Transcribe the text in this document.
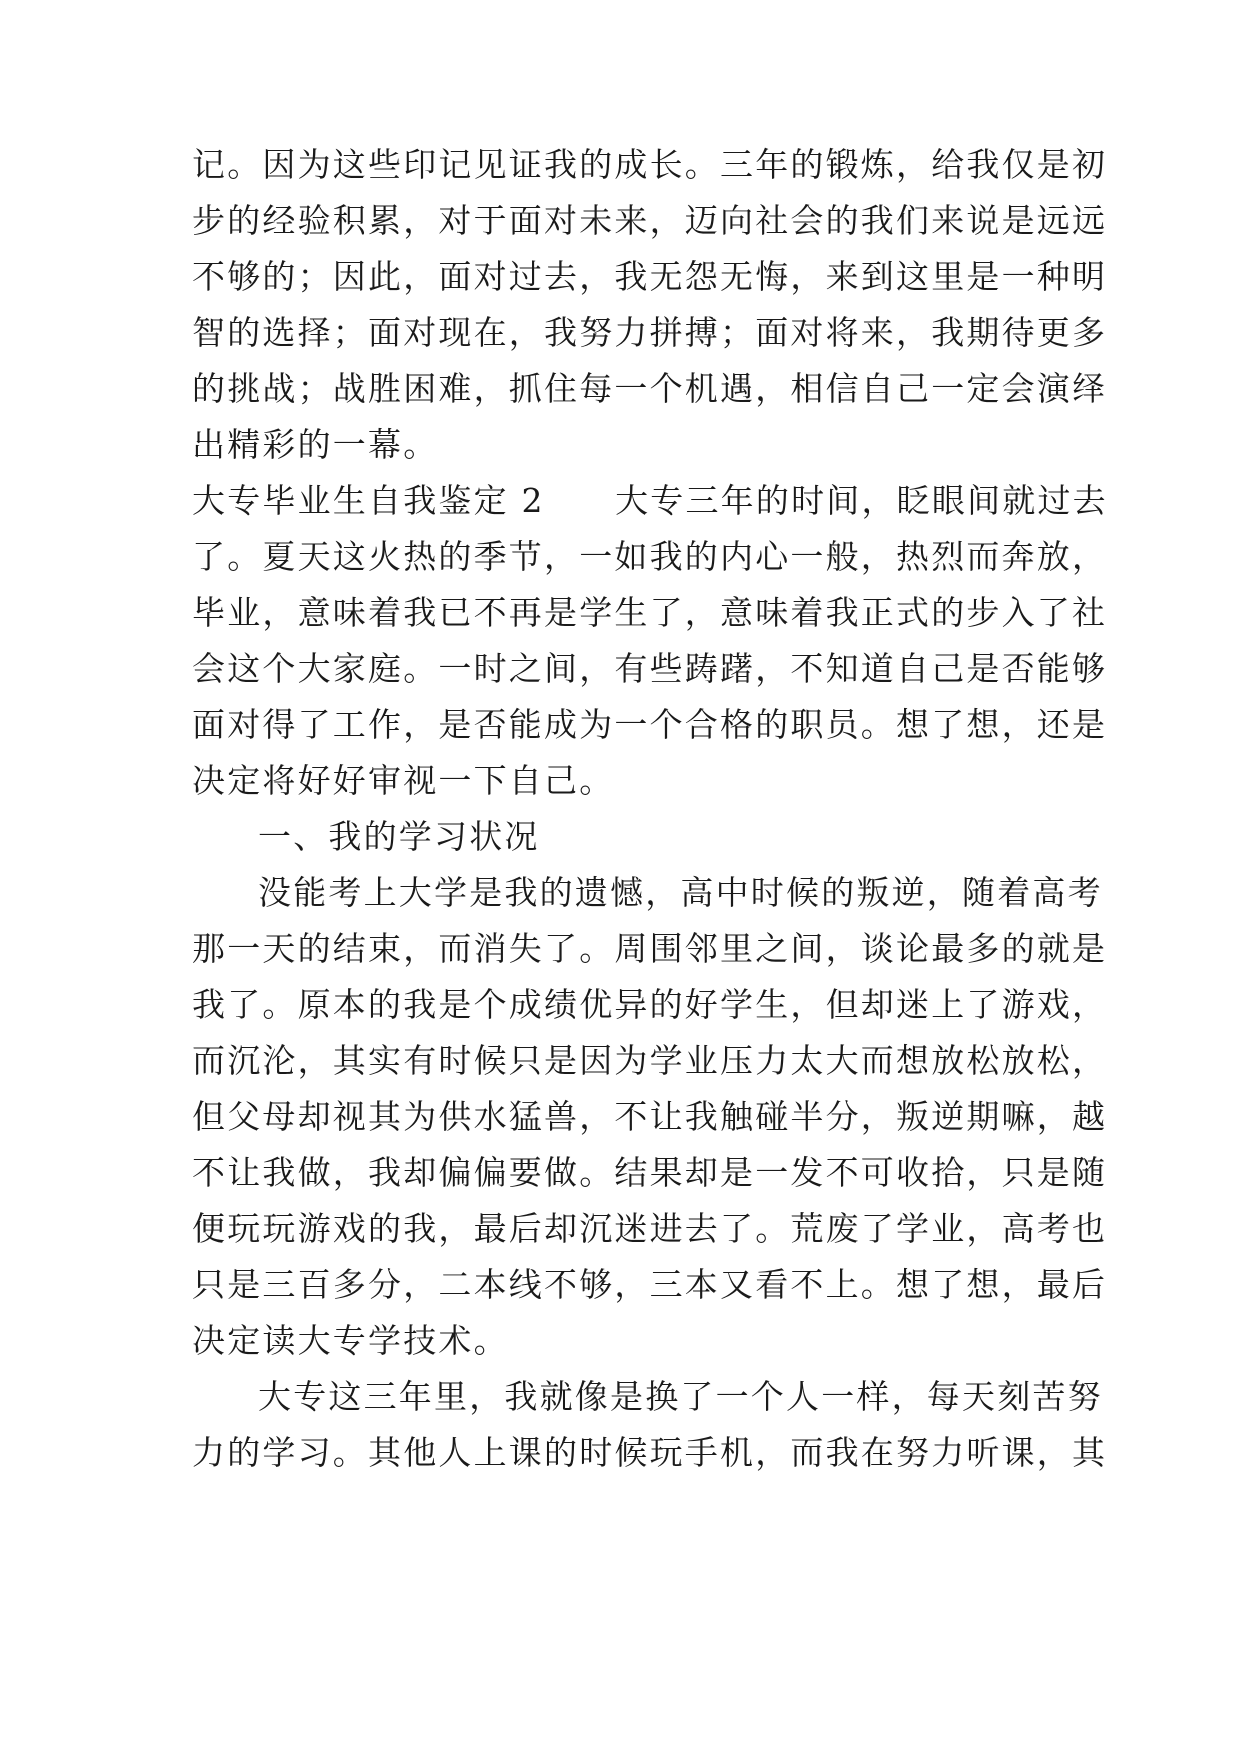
记。因为这些印记见证我的成长。三年的锻炼，给我仅是初
步的经验积累，对于面对未来，迈向社会的我们来说是远远
不够的；因此，面对过去，我无怨无悔，来到这里是一种明
智的选择；面对现在，我努力拼搏；面对将来，我期待更多
的挑战；战胜困难，抓住每一个机遇，相信自己一定会演绎
出精彩的一幕。
大专毕业生自我鉴定 2　　大专三年的时间，眨眼间就过去
了。夏天这火热的季节，一如我的内心一般，热烈而奔放，
毕业，意味着我已不再是学生了，意味着我正式的步入了社
会这个大家庭。一时之间，有些踌躇，不知道自己是否能够
面对得了工作，是否能成为一个合格的职员。想了想，还是
决定将好好审视一下自己。
一、我的学习状况
没能考上大学是我的遗憾，高中时候的叛逆，随着高考
那一天的结束，而消失了。周围邻里之间，谈论最多的就是
我了。原本的我是个成绩优异的好学生，但却迷上了游戏，
而沉沦，其实有时候只是因为学业压力太大而想放松放松，
但父母却视其为供水猛兽，不让我触碰半分，叛逆期嘛，越
不让我做，我却偏偏要做。结果却是一发不可收拾，只是随
便玩玩游戏的我，最后却沉迷进去了。荒废了学业，高考也
只是三百多分，二本线不够，三本又看不上。想了想，最后
决定读大专学技术。
大专这三年里，我就像是换了一个人一样，每天刻苦努
力的学习。其他人上课的时候玩手机，而我在努力听课，其
